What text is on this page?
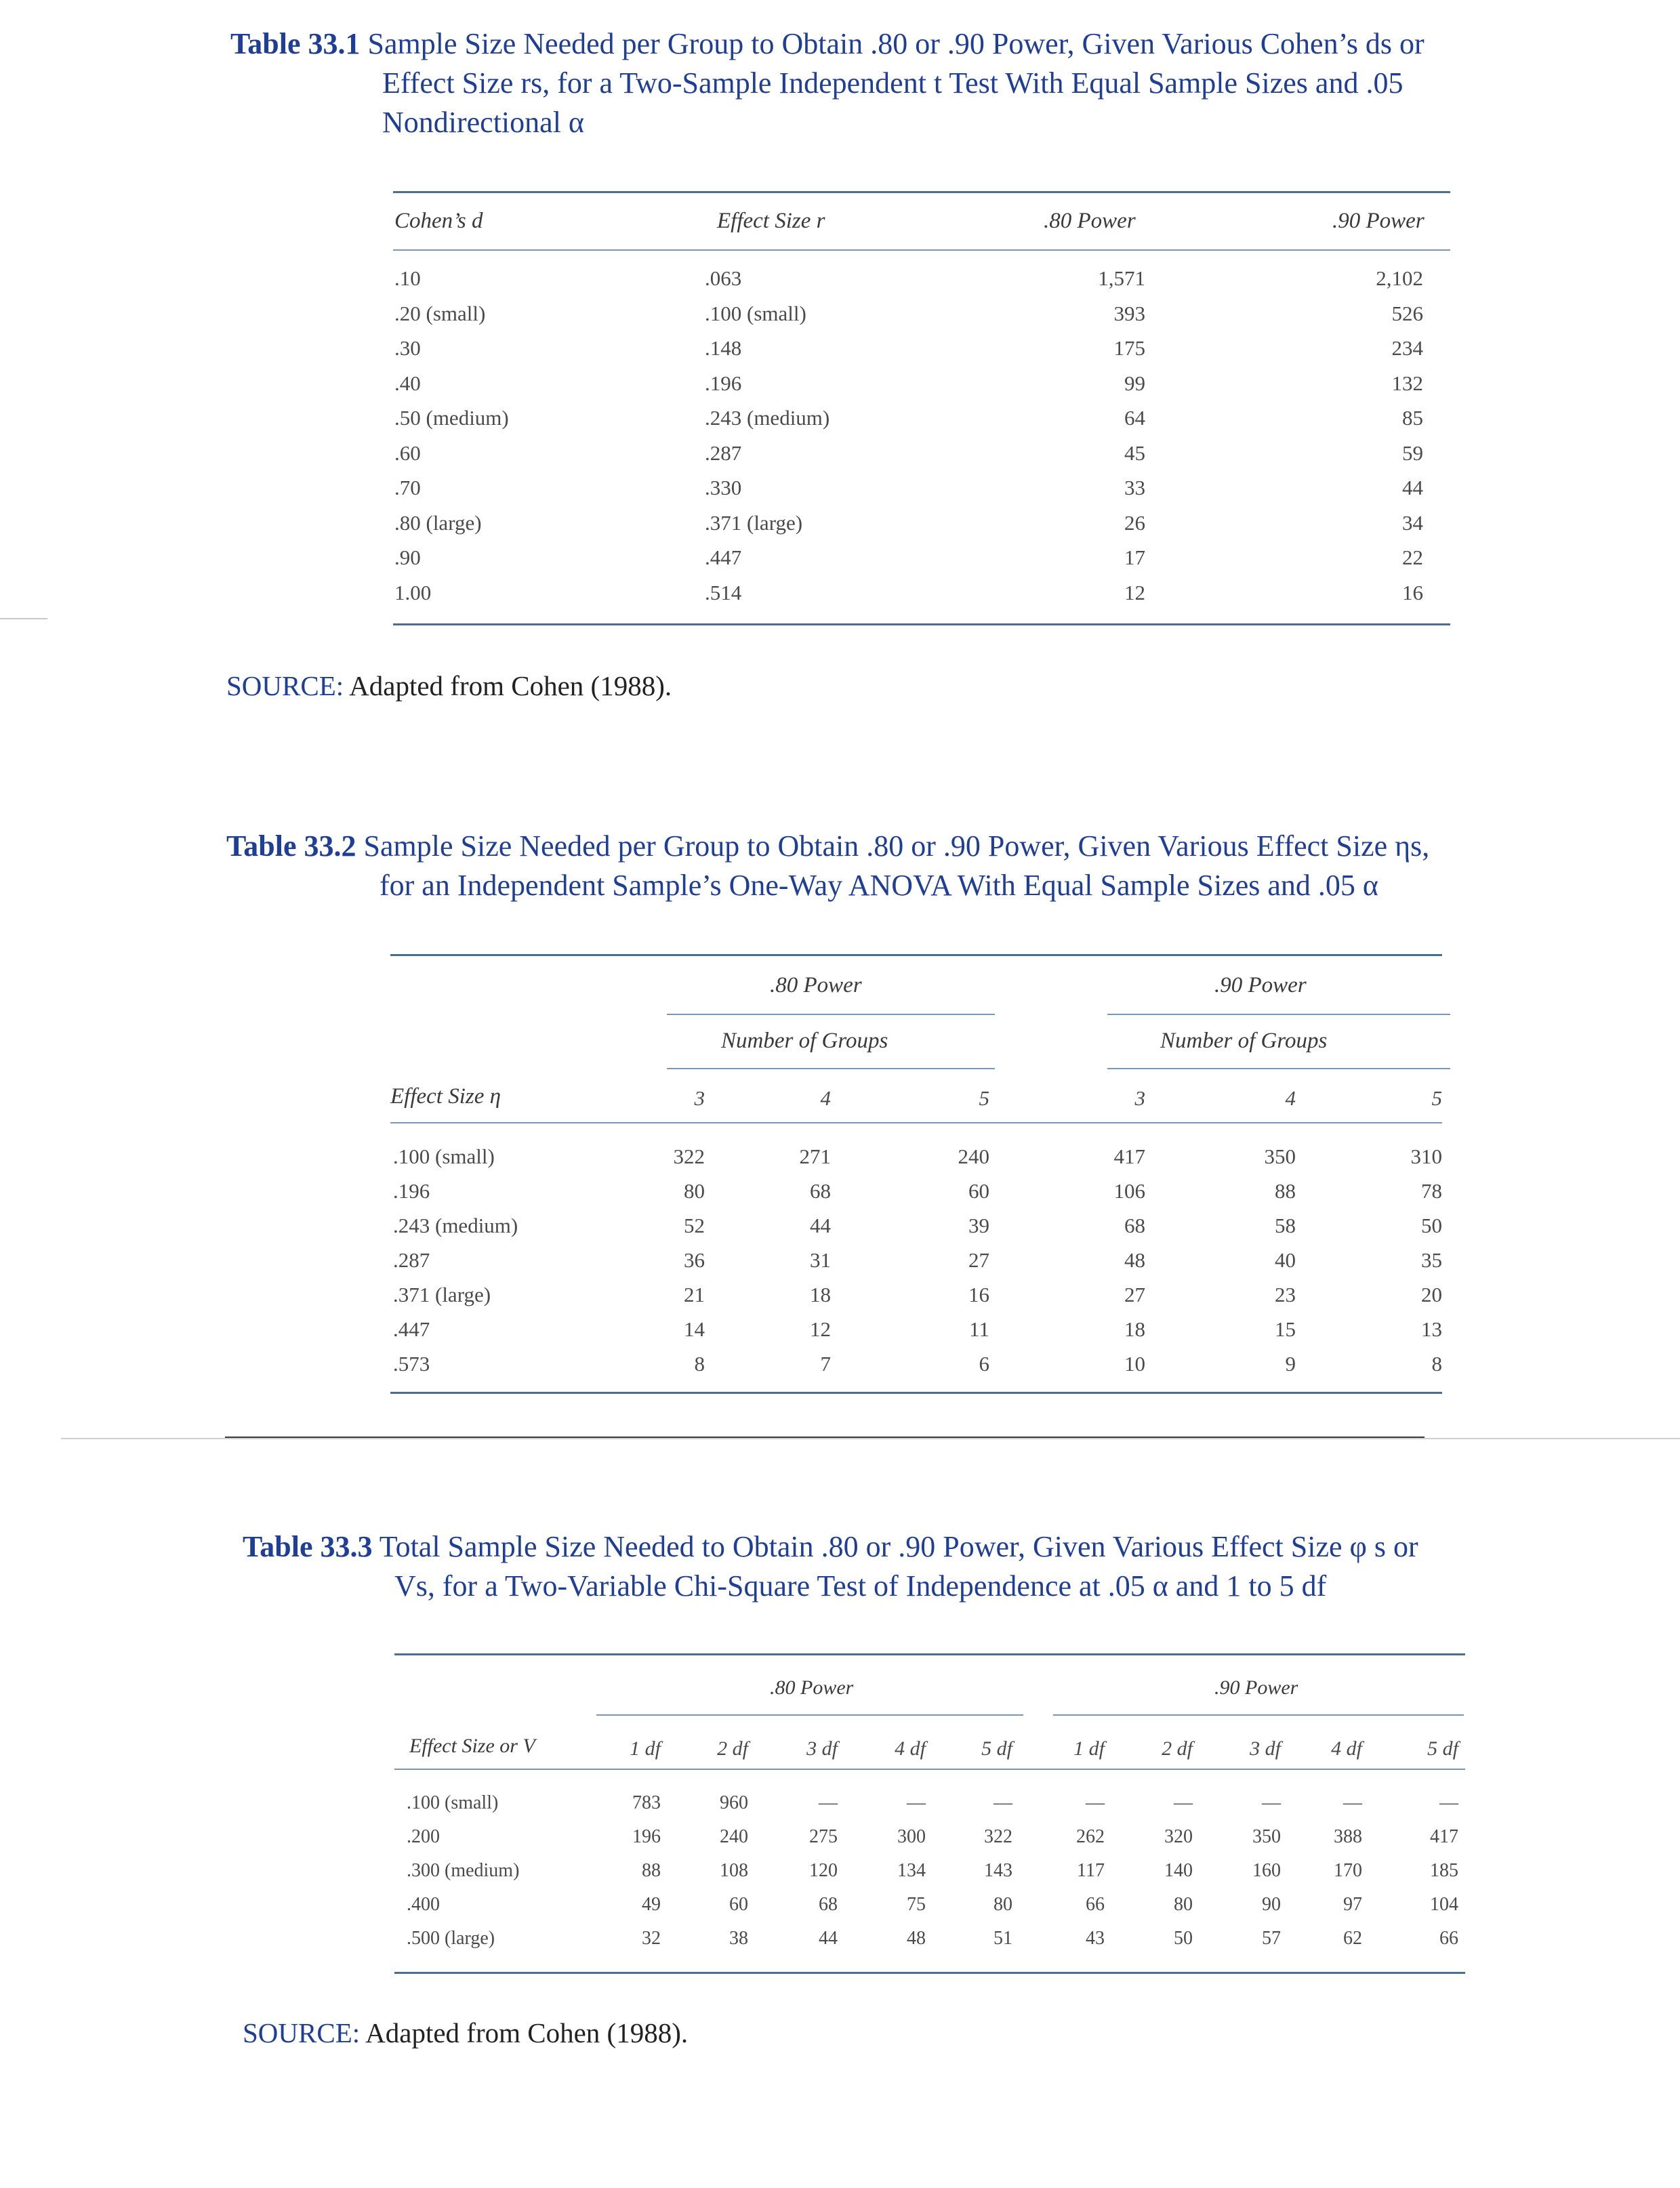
Table 33.1 Sample Size Needed per Group to Obtain .80 or .90 Power, Given Various Cohen’s ds or
Effect Size rs, for a Two-Sample Independent t Test With Equal Sample Sizes and .05
Nondirectional α
Cohen’s d	Effect Size r	.80 Power	.90 Power
.10	.063	1,571	2,102
.20 (small)	.100 (small)	393	526
.30	.148	175	234
.40	.196	99	132
.50 (medium)	.243 (medium)	64	85
.60	.287	45	59
.70	.330	33	44
.80 (large)	.371 (large)	26	34
.90	.447	17	22
1.00	.514	12	16
SOURCE: Adapted from Cohen (1988).
Table 33.2 Sample Size Needed per Group to Obtain .80 or .90 Power, Given Various Effect Size ηs,
for an Independent Sample’s One-Way ANOVA With Equal Sample Sizes and .05 α
.80 Power	.90 Power
Number of Groups	Number of Groups
Effect Size η	3	4	5	3	4	5
.100 (small)	322	271	240	417	350	310
.196	80	68	60	106	88	78
.243 (medium)	52	44	39	68	58	50
.287	36	31	27	48	40	35
.371 (large)	21	18	16	27	23	20
.447	14	12	11	18	15	13
.573	8	7	6	10	9	8
Table 33.3 Total Sample Size Needed to Obtain .80 or .90 Power, Given Various Effect Size φ s or
Vs, for a Two-Variable Chi-Square Test of Independence at .05 α and 1 to 5 df
.80 Power	.90 Power
Effect Size or V	1 df	2 df	3 df	4 df	5 df	1 df	2 df	3 df	4 df	5 df
.100 (small)	783	960	—	—	—	—	—	—	—	—
.200	196	240	275	300	322	262	320	350	388	417
.300 (medium)	88	108	120	134	143	117	140	160	170	185
.400	49	60	68	75	80	66	80	90	97	104
.500 (large)	32	38	44	48	51	43	50	57	62	66
SOURCE: Adapted from Cohen (1988).
